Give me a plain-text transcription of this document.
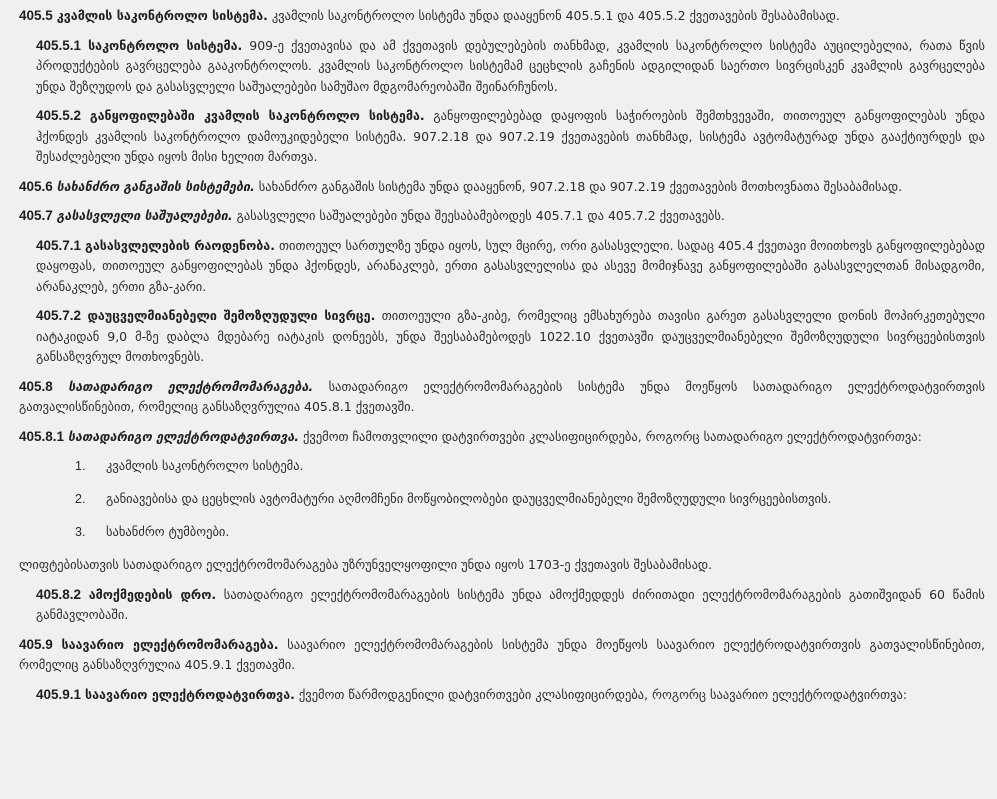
405.5 კვამლის საკონტროლო სისტემა. კვამლის საკონტროლო სისტემა უნდა დააყენონ 405.5.1 და 405.5.2 ქვეთავების შესაბამისად.

405.5.1 საკონტროლო სისტემა. 909-ე ქვეთავისა და ამ ქვეთავის დებულებების თანხმად, კვამლის საკონტროლო სისტემა აუცილებელია, რათა წვის პროდუქტების გავრცელება გააკონტროლოს. კვამლის საკონტროლო სისტემამ ცეცხლის გაჩენის ადგილიდან საერთო სივრცისკენ კვამლის გავრცელება უნდა შეზღუდოს და გასასვლელი საშუალებები სამუშაო მდგომარეობაში შეინარჩუნოს.

405.5.2 განყოფილებაში კვამლის საკონტროლო სისტემა. განყოფილებებად დაყოფის საჭიროების შემთხვევაში, თითოეულ განყოფილებას უნდა ჰქონდეს კვამლის საკონტროლო დამოუკიდებელი სისტემა. 907.2.18 და 907.2.19 ქვეთავების თანხმად, სისტემა ავტომატურად უნდა გააქტიურდეს და შესაძლებელი უნდა იყოს მისი ხელით მართვა.

405.6 სახანძრო განგაშის სისტემები. სახანძრო განგაშის სისტემა უნდა დააყენონ, 907.2.18 და 907.2.19 ქვეთავების მოთხოვნათა შესაბამისად.

405.7 გასასვლელი საშუალებები. გასასვლელი საშუალებები უნდა შეესაბამებოდეს 405.7.1 და 405.7.2 ქვეთავებს.

405.7.1 გასასვლელების რაოდენობა. თითოეულ სართულზე უნდა იყოს, სულ მცირე, ორი გასასვლელი. სადაც 405.4 ქვეთავი მოითხოვს განყოფილებებად დაყოფას, თითოეულ განყოფილებას უნდა ჰქონდეს, არანაკლებ, ერთი გასასვლელისა და ასევე მომიჯნავე განყოფილებაში გასასვლელთან მისადგომი, არანაკლებ, ერთი გზა-კარი.

405.7.2 დაუცველმიანებელი შემოზღუდული სივრცე. თითოეული გზა-კიბე, რომელიც ემსახურება თავისი გარეთ გასასვლელი დონის მოპირკეთებული იატაკიდან 9,0 მ-ზე დაბლა მდებარე იატაკის დონეებს, უნდა შეესაბამებოდეს 1022.10 ქვეთავში დაუცველმიანებელი შემოზღუდული სივრცეებისთვის განსაზღვრულ მოთხოვნებს.

405.8 სათადარიგო ელექტრომომარაგება. სათადარიგო ელექტრომომარაგების სისტემა უნდა მოეწყოს სათადარიგო ელექტროდატვირთვის გათვალისწინებით, რომელიც განსაზღვრულია 405.8.1 ქვეთავში.

405.8.1 სათადარიგო ელექტროდატვირთვა. ქვემოთ ჩამოთვლილი დატვირთვები კლასიფიცირდება, როგორც სათადარიგო ელექტროდატვირთვა:

1. კვამლის საკონტროლო სისტემა.
2. განიავებისა და ცეცხლის ავტომატური აღმომჩენი მოწყობილობები დაუცველმიანებელი შემოზღუდული სივრცეებისთვის.
3. სახანძრო ტუმბოები.

ლიფტებისათვის სათადარიგო ელექტრომომარაგება უზრუნველყოფილი უნდა იყოს 1703-ე ქვეთავის შესაბამისად.

405.8.2 ამოქმედების დრო. სათადარიგო ელექტრომომარაგების სისტემა უნდა ამოქმედდეს ძირითადი ელექტრომომარაგების გათიშვიდან 60 წამის განმავლობაში.

405.9 საავარიო ელექტრომომარაგება. საავარიო ელექტრომომარაგების სისტემა უნდა მოეწყოს საავარიო ელექტროდატვირთვის გათვალისწინებით, რომელიც განსაზღვრულია 405.9.1 ქვეთავში.

405.9.1 საავარიო ელექტროდატვირთვა. ქვემოთ წარმოდგენილი დატვირთვები კლასიფიცირდება, როგორც საავარიო ელექტროდატვირთვა:
